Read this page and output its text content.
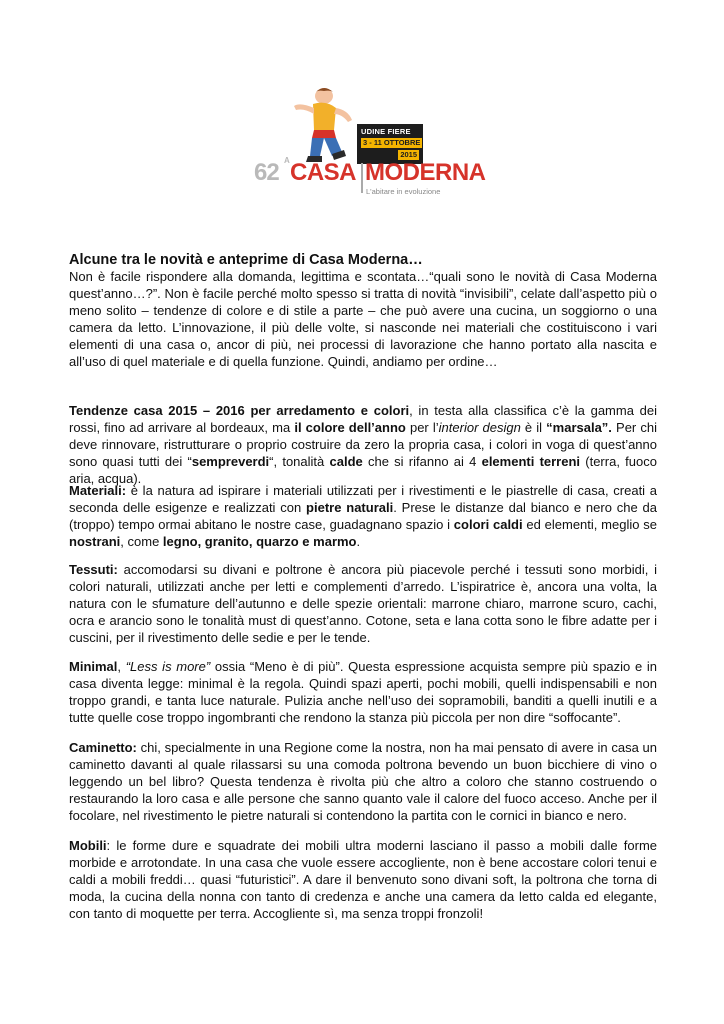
UDINE FIERE
3 - 11 OTTOBRE
2015
62 A CASA MODERNA
L'abitare in evoluzione
Alcune tra le novità e anteprime di Casa Moderna…

Non è facile rispondere alla domanda, legittima e scontata…“quali sono le novità di Casa Moderna quest’anno…?”. Non è facile perché molto spesso si tratta di novità “invisibili”, celate dall’aspetto più o meno solito – tendenze di colore e di stile a parte – che può avere una cucina, un soggiorno o una camera da letto. L’innovazione, il più delle volte, si nasconde nei materiali che costituiscono i vari elementi di una casa o, ancor di più, nei processi di lavorazione che hanno portato alla nascita e all’uso di quel materiale e di quella funzione. Quindi, andiamo per ordine…

Tendenze casa 2015 – 2016 per arredamento e colori, in testa alla classifica c’è la gamma dei rossi, fino ad arrivare al bordeaux, ma il colore dell’anno per l’interior design è il “marsala”. Per chi deve rinnovare, ristrutturare o proprio costruire da zero la propria casa, i colori in voga di quest’anno sono quasi tutti dei “sempreverdi“, tonalità calde che si rifanno ai 4 elementi terreni (terra, fuoco aria, acqua).

Materiali: è la natura ad ispirare i materiali utilizzati per i rivestimenti e le piastrelle di casa, creati a seconda delle esigenze e realizzati con pietre naturali. Prese le distanze dal bianco e nero che da (troppo) tempo ormai abitano le nostre case, guadagnano spazio i colori caldi ed elementi, meglio se nostrani, come legno, granito, quarzo e marmo.

Tessuti: accomodarsi su divani e poltrone è ancora più piacevole perché i tessuti sono morbidi, i colori naturali, utilizzati anche per letti e complementi d’arredo. L’ispiratrice è, ancora una volta, la natura con le sfumature dell’autunno e delle spezie orientali: marrone chiaro, marrone scuro, cachi, ocra e arancio sono le tonalità must di quest’anno. Cotone, seta e lana cotta sono le fibre adatte per i cuscini, per il rivestimento delle sedie e per le tende.

Minimal, “Less is more” ossia “Meno è di più”. Questa espressione acquista sempre più spazio e in casa diventa legge: minimal è la regola. Quindi spazi aperti, pochi mobili, quelli indispensabili e non troppo grandi, e tanta luce naturale. Pulizia anche nell’uso dei sopramobili, banditi a quelli inutili e a tutte quelle cose troppo ingombranti che rendono la stanza più piccola per non dire “soffocante”.

Caminetto: chi, specialmente in una Regione come la nostra, non ha mai pensato di avere in casa un caminetto davanti al quale rilassarsi su una comoda poltrona bevendo un buon bicchiere di vino o leggendo un bel libro? Questa tendenza è rivolta più che altro a coloro che stanno costruendo o restaurando la loro casa e alle persone che sanno quanto vale il calore del fuoco acceso. Anche per il focolare, nel rivestimento le pietre naturali si contendono la partita con le cornici in bianco e nero.

Mobili: le forme dure e squadrate dei mobili ultra moderni lasciano il passo a mobili dalle forme morbide e arrotondate. In una casa che vuole essere accogliente, non è bene accostare colori tenui e caldi a mobili freddi… quasi “futuristici”. A dare il benvenuto sono divani soft, la poltrona che torna di moda, la cucina della nonna con tanto di credenza e anche una camera da letto calda ed elegante, con tanto di moquette per terra. Accogliente sì, ma senza troppi fronzoli!
